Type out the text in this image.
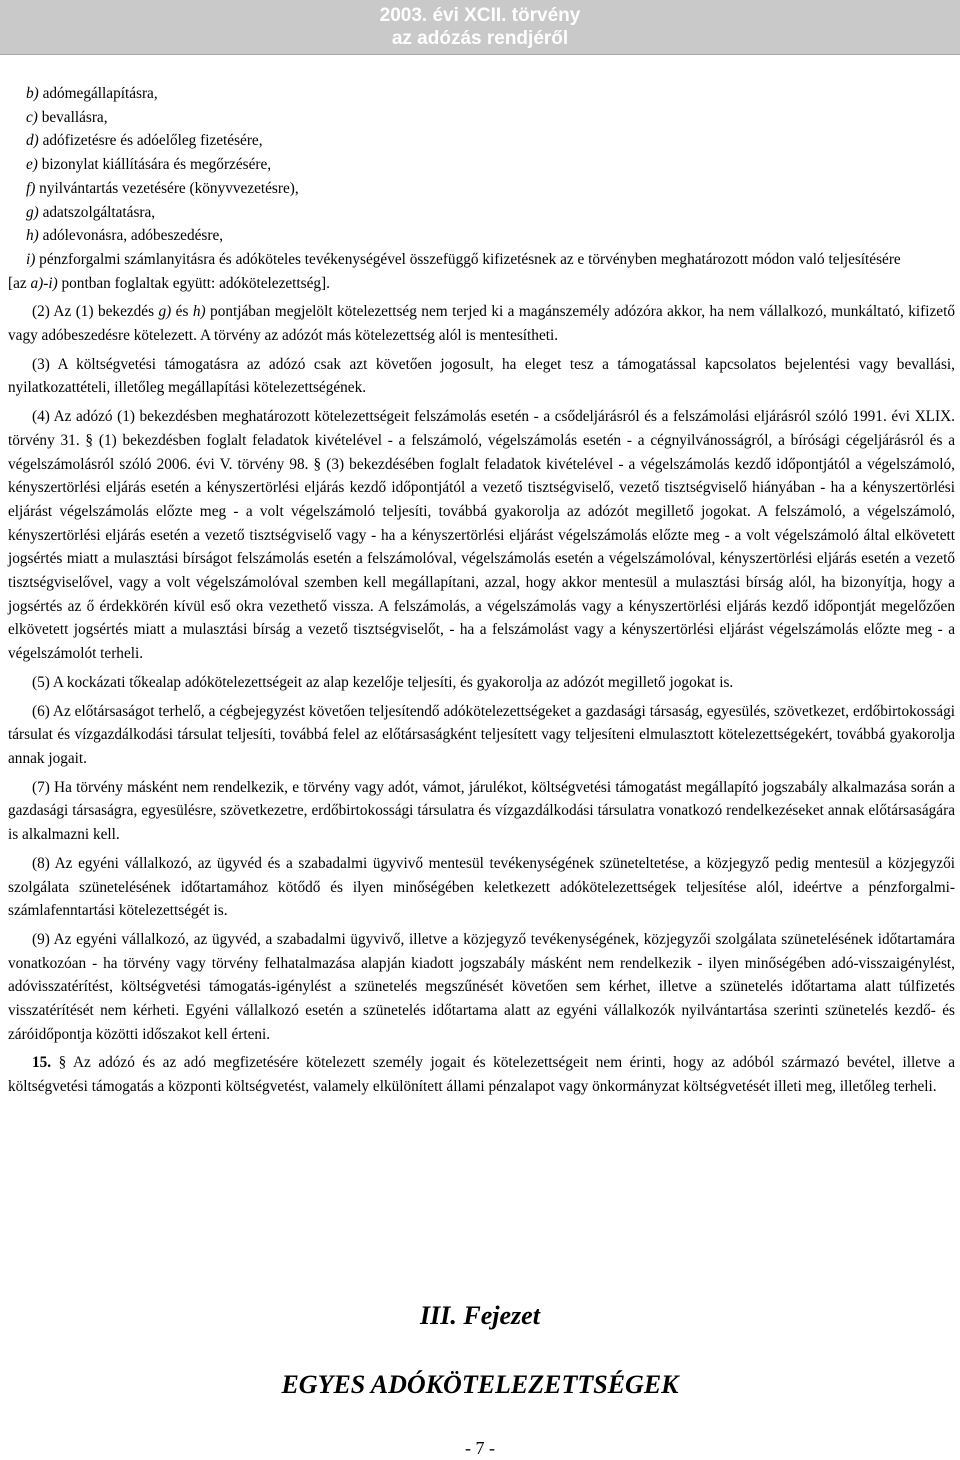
2003. évi XCII. törvény
az adózás rendjéről

b) adómegállapításra,

c) bevallásra,

d) adófizetésre és adóelőleg fizetésére,

e) bizonylat kiállítására és megőrzésére,

f) nyilvántartás vezetésére (könyvvezetésre),

g) adatszolgáltatásra,

h) adólevonásra, adóbeszedésre,

i) pénzforgalmi számlanyitásra és adóköteles tevékenységével összefüggő kifizetésnek az e törvényben meghatározott módon való teljesítésére

[az a)-i) pontban foglaltak együtt: adókötelezettség].

(2) Az (1) bekezdés g) és h) pontjában megjelölt kötelezettség nem terjed ki a magánszemély adózóra akkor, ha nem vállalkozó, munkáltató, kifizető vagy adóbeszedésre kötelezett. A törvény az adózót más kötelezettség alól is mentesítheti.

(3) A költségvetési támogatásra az adózó csak azt követően jogosult, ha eleget tesz a támogatással kapcsolatos bejelentési vagy bevallási, nyilatkozattételi, illetőleg megállapítási kötelezettségének.

(4) Az adózó (1) bekezdésben meghatározott kötelezettségeit felszámolás esetén - a csődeljárásról és a felszámolási eljárásról szóló 1991. évi XLIX. törvény 31. § (1) bekezdésben foglalt feladatok kivételével - a felszámoló, végelszámolás esetén - a cégnyilvánosságról, a bírósági cégeljárásról és a végelszámolásról szóló 2006. évi V. törvény 98. § (3) bekezdésében foglalt feladatok kivételével - a végelszámolás kezdő időpontjától a végelszámoló, kényszertörlési eljárás esetén a kényszertörlési eljárás kezdő időpontjától a vezető tisztségviselő, vezető tisztségviselő hiányában - ha a kényszertörlési eljárást végelszámolás előzte meg - a volt végelszámoló teljesíti, továbbá gyakorolja az adózót megillető jogokat. A felszámoló, a végelszámoló, kényszertörlési eljárás esetén a vezető tisztségviselő vagy - ha a kényszertörlési eljárást végelszámolás előzte meg - a volt végelszámoló által elkövetett jogsértés miatt a mulasztási bírságot felszámolás esetén a felszámolóval, végelszámolás esetén a végelszámolóval, kényszertörlési eljárás esetén a vezető tisztségviselővel, vagy a volt végelszámolóval szemben kell megállapítani, azzal, hogy akkor mentesül a mulasztási bírság alól, ha bizonyítja, hogy a jogsértés az ő érdekkörén kívül eső okra vezethető vissza. A felszámolás, a végelszámolás vagy a kényszertörlési eljárás kezdő időpontját megelőzően elkövetett jogsértés miatt a mulasztási bírság a vezető tisztségviselőt, - ha a felszámolást vagy a kényszertörlési eljárást végelszámolás előzte meg - a végelszámolót terheli.

(5) A kockázati tőkealap adókötelezettségeit az alap kezelője teljesíti, és gyakorolja az adózót megillető jogokat is.

(6) Az előtársaságot terhelő, a cégbejegyzést követően teljesítendő adókötelezettségeket a gazdasági társaság, egyesülés, szövetkezet, erdőbirtokossági társulat és vízgazdálkodási társulat teljesíti, továbbá felel az előtársaságként teljesített vagy teljesíteni elmulasztott kötelezettségekért, továbbá gyakorolja annak jogait.

(7) Ha törvény másként nem rendelkezik, e törvény vagy adót, vámot, járulékot, költségvetési támogatást megállapító jogszabály alkalmazása során a gazdasági társaságra, egyesülésre, szövetkezetre, erdőbirtokossági társulatra és vízgazdálkodási társulatra vonatkozó rendelkezéseket annak előtársaságára is alkalmazni kell.

(8) Az egyéni vállalkozó, az ügyvéd és a szabadalmi ügyvivő mentesül tevékenységének szüneteltetése, a közjegyző pedig mentesül a közjegyzői szolgálata szünetelésének időtartamához kötődő és ilyen minőségében keletkezett adókötelezettségek teljesítése alól, ideértve a pénzforgalmi-számlafenntartási kötelezettségét is.

(9) Az egyéni vállalkozó, az ügyvéd, a szabadalmi ügyvivő, illetve a közjegyző tevékenységének, közjegyzői szolgálata szünetelésének időtartamára vonatkozóan - ha törvény vagy törvény felhatalmazása alapján kiadott jogszabály másként nem rendelkezik - ilyen minőségében adó-visszaigénylést, adóvisszatérítést, költségvetési támogatás-igénylést a szünetelés megszűnését követően sem kérhet, illetve a szünetelés időtartama alatt túlfizetés visszatérítését nem kérheti. Egyéni vállalkozó esetén a szünetelés időtartama alatt az egyéni vállalkozók nyilvántartása szerinti szünetelés kezdő- és záróidőpontja közötti időszakot kell érteni.

15. § Az adózó és az adó megfizetésére kötelezett személy jogait és kötelezettségeit nem érinti, hogy az adóból származó bevétel, illetve a költségvetési támogatás a központi költségvetést, valamely elkülönített állami pénzalapot vagy önkormányzat költségvetését illeti meg, illetőleg terheli.

III. Fejezet
EGYES ADÓKÖTELEZETTSÉGEK
- 7 -
